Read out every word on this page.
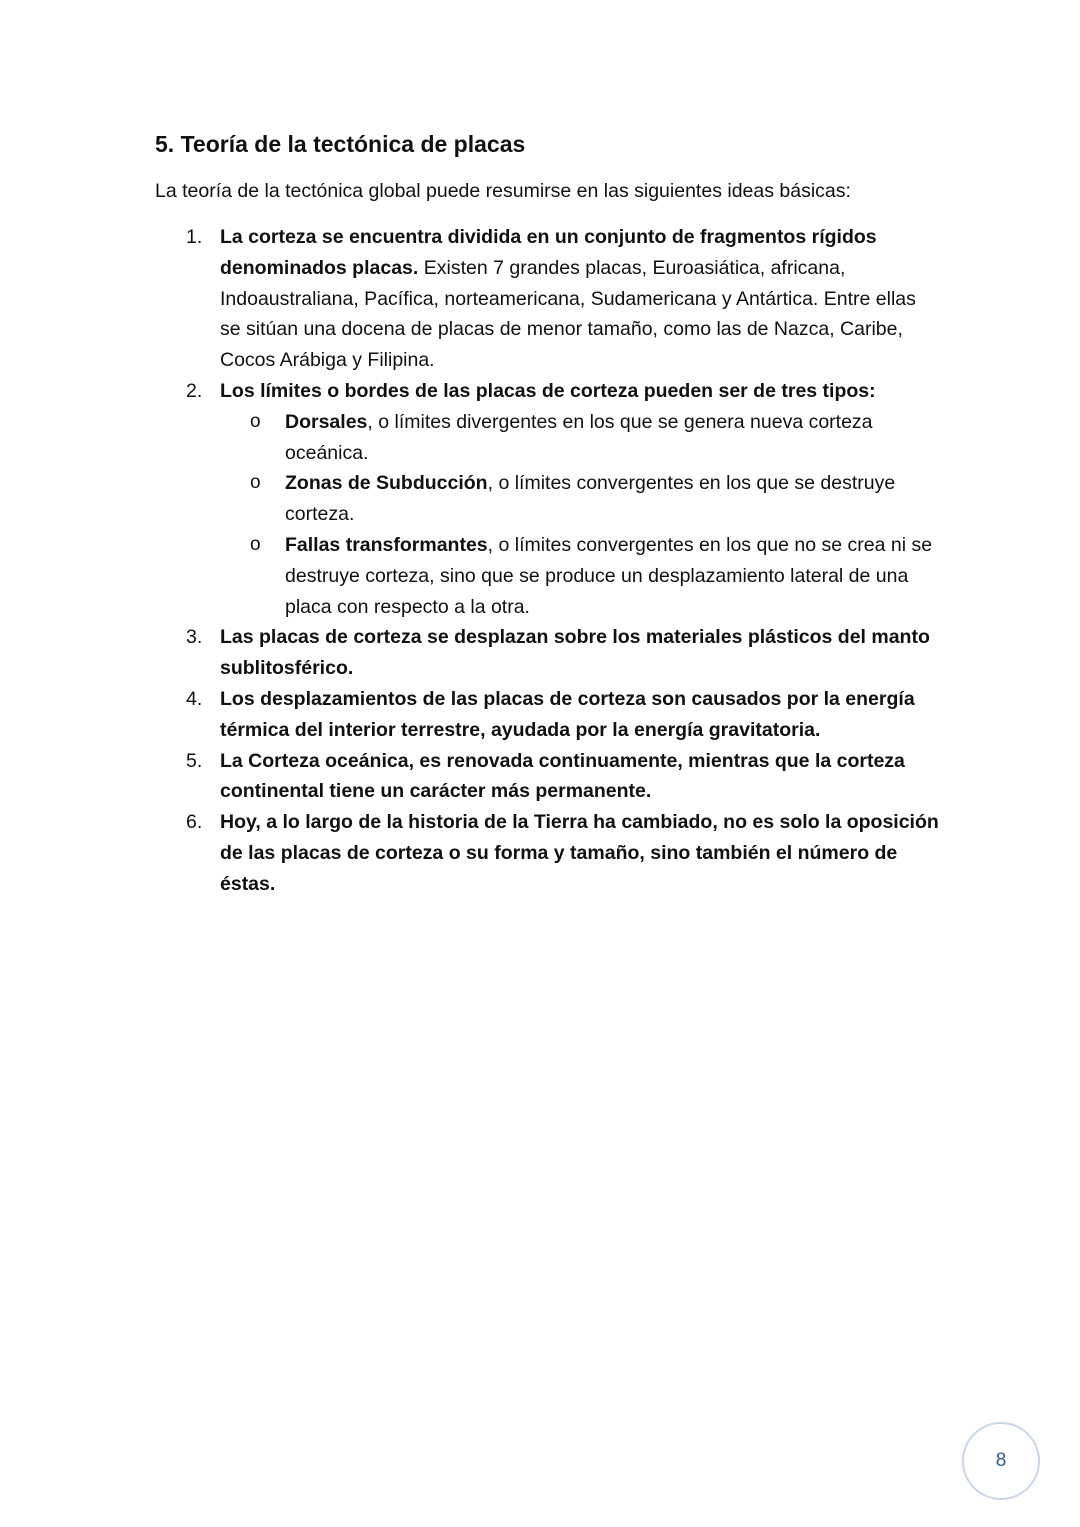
5. Teoría de la tectónica de placas

La teoría de la tectónica global puede resumirse en las siguientes ideas básicas:

1. La corteza se encuentra dividida en un conjunto de fragmentos rígidos denominados placas. Existen 7 grandes placas, Euroasiática, africana, Indoaustraliana, Pacífica, norteamericana, Sudamericana y Antártica. Entre ellas se sitúan una docena de placas de menor tamaño, como las de Nazca, Caribe, Cocos Arábiga y Filipina.
2. Los límites o bordes de las placas de corteza pueden ser de tres tipos:
o Dorsales, o límites divergentes en los que se genera nueva corteza oceánica.
o Zonas de Subducción, o límites convergentes en los que se destruye corteza.
o Fallas transformantes, o límites convergentes en los que no se crea ni se destruye corteza, sino que se produce un desplazamiento lateral de una placa con respecto a la otra.
3. Las placas de corteza se desplazan sobre los materiales plásticos del manto sublitosférico.
4. Los desplazamientos de las placas de corteza son causados por la energía térmica del interior terrestre, ayudada por la energía gravitatoria.
5. La Corteza oceánica, es renovada continuamente, mientras que la corteza continental tiene un carácter más permanente.
6. Hoy, a lo largo de la historia de la Tierra ha cambiado, no es solo la oposición de las placas de corteza o su forma y tamaño, sino también el número de éstas.
8
